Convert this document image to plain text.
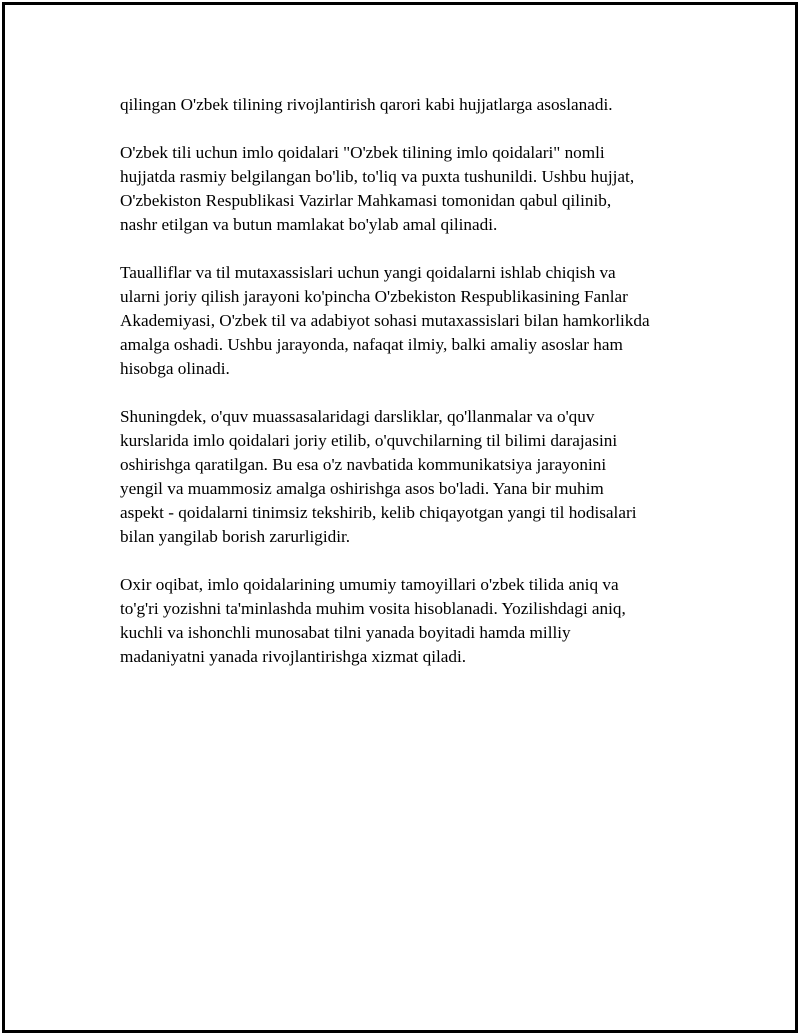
qilingan O'zbek tilining rivojlantirish qarori kabi hujjatlarga asoslanadi.

O'zbek tili uchun imlo qoidalari "O'zbek tilining imlo qoidalari" nomli
hujjatda rasmiy belgilangan bo'lib, to'liq va puxta tushunildi. Ushbu hujjat,
O'zbekiston Respublikasi Vazirlar Mahkamasi tomonidan qabul qilinib,
nashr etilgan va butun mamlakat bo'ylab amal qilinadi.

Taualliflar va til mutaxassislari uchun yangi qoidalarni ishlab chiqish va
ularni joriy qilish jarayoni ko'pincha O'zbekiston Respublikasining Fanlar
Akademiyasi, O'zbek til va adabiyot sohasi mutaxassislari bilan hamkorlikda
amalga oshadi. Ushbu jarayonda, nafaqat ilmiy, balki amaliy asoslar ham
hisobga olinadi.

Shuningdek, o'quv muassasalaridagi darsliklar, qo'llanmalar va o'quv
kurslarida imlo qoidalari joriy etilib, o'quvchilarning til bilimi darajasini
oshirishga qaratilgan. Bu esa o'z navbatida kommunikatsiya jarayonini
yengil va muammosiz amalga oshirishga asos bo'ladi. Yana bir muhim
aspekt - qoidalarni tinimsiz tekshirib, kelib chiqayotgan yangi til hodisalari
bilan yangilab borish zarurligidir.

Oxir oqibat, imlo qoidalarining umumiy tamoyillari o'zbek tilida aniq va
to'g'ri yozishni ta'minlashda muhim vosita hisoblanadi. Yozilishdagi aniq,
kuchli va ishonchli munosabat tilni yanada boyitadi hamda milliy
madaniyatni yanada rivojlantirishga xizmat qiladi.
